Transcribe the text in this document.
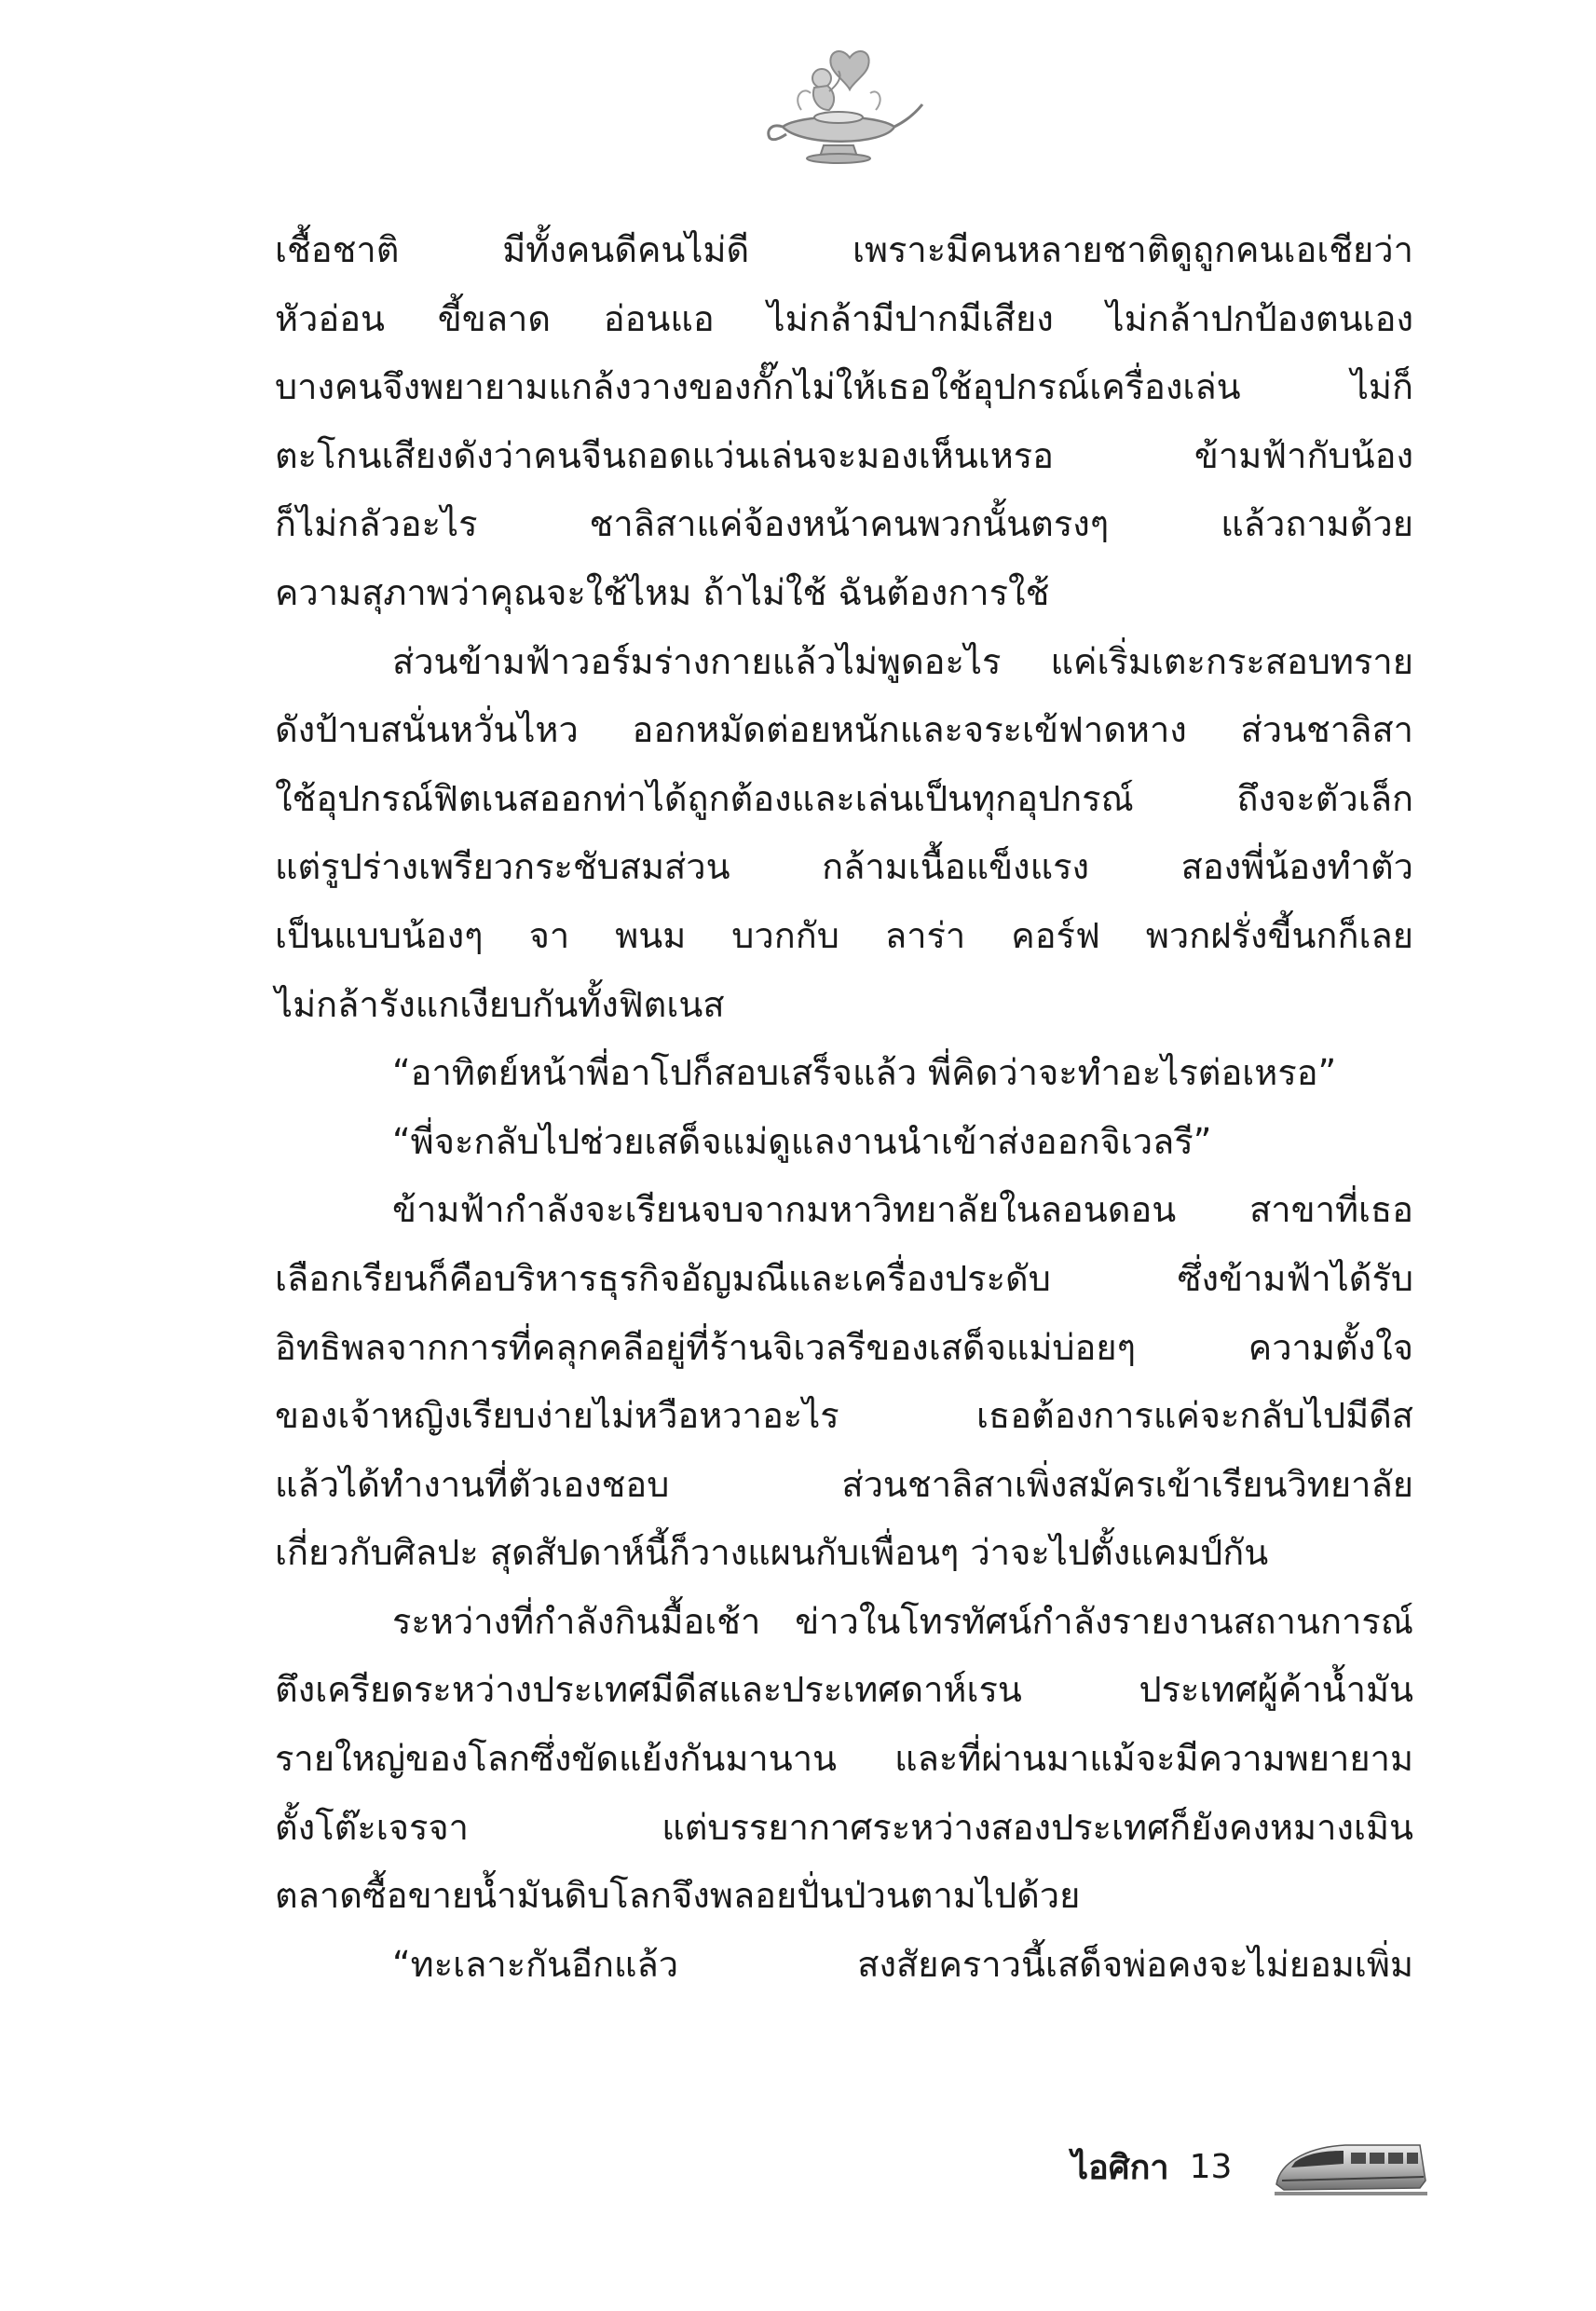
เชื้อชาติ มีทั้งคนดีคนไม่ดี เพราะมีคนหลายชาติดูถูกคนเอเชียว่า

หัวอ่อน ขี้ขลาด อ่อนแอ ไม่กล้ามีปากมีเสียง ไม่กล้าปกป้องตนเอง

บางคนจึงพยายามแกล้งวางของกั๊กไม่ให้เธอใช้อุปกรณ์เครื่องเล่น ไม่ก็

ตะโกนเสียงดังว่าคนจีนถอดแว่นเล่นจะมองเห็นเหรอ ข้ามฟ้ากับน้อง

ก็ไม่กลัวอะไร ชาลิสาแค่จ้องหน้าคนพวกนั้นตรงๆ แล้วถามด้วย

ความสุภาพว่าคุณจะใช้ไหม ถ้าไม่ใช้ ฉันต้องการใช้

ส่วนข้ามฟ้าวอร์มร่างกายแล้วไม่พูดอะไร แค่เริ่มเตะกระสอบทราย

ดังป้าบสนั่นหวั่นไหว ออกหมัดต่อยหนักและจระเข้ฟาดหาง ส่วนชาลิสา

ใช้อุปกรณ์ฟิตเนสออกท่าได้ถูกต้องและเล่นเป็นทุกอุปกรณ์ ถึงจะตัวเล็ก

แต่รูปร่างเพรียวกระชับสมส่วน กล้ามเนื้อแข็งแรง สองพี่น้องทำตัว

เป็นแบบน้องๆ จา พนม บวกกับ ลาร่า คอร์ฟ พวกฝรั่งขี้นกก็เลย

ไม่กล้ารังแกเงียบกันทั้งฟิตเนส

“อาทิตย์หน้าพี่อาโปก็สอบเสร็จแล้ว พี่คิดว่าจะทำอะไรต่อเหรอ”

“พี่จะกลับไปช่วยเสด็จแม่ดูแลงานนำเข้าส่งออกจิเวลรี”

ข้ามฟ้ากำลังจะเรียนจบจากมหาวิทยาลัยในลอนดอน สาขาที่เธอ

เลือกเรียนก็คือบริหารธุรกิจอัญมณีและเครื่องประดับ ซึ่งข้ามฟ้าได้รับ

อิทธิพลจากการที่คลุกคลีอยู่ที่ร้านจิเวลรีของเสด็จแม่บ่อยๆ ความตั้งใจ

ของเจ้าหญิงเรียบง่ายไม่หวือหวาอะไร เธอต้องการแค่จะกลับไปมีดีส

แล้วได้ทำงานที่ตัวเองชอบ ส่วนชาลิสาเพิ่งสมัครเข้าเรียนวิทยาลัย

เกี่ยวกับศิลปะ สุดสัปดาห์นี้ก็วางแผนกับเพื่อนๆ ว่าจะไปตั้งแคมป์กัน

ระหว่างที่กำลังกินมื้อเช้า ข่าวในโทรทัศน์กำลังรายงานสถานการณ์

ตึงเครียดระหว่างประเทศมีดีสและประเทศดาห์เรน ประเทศผู้ค้าน้ำมัน

รายใหญ่ของโลกซึ่งขัดแย้งกันมานาน และที่ผ่านมาแม้จะมีความพยายาม

ตั้งโต๊ะเจรจา แต่บรรยากาศระหว่างสองประเทศก็ยังคงหมางเมิน

ตลาดซื้อขายน้ำมันดิบโลกจึงพลอยปั่นป่วนตามไปด้วย

“ทะเลาะกันอีกแล้ว สงสัยคราวนี้เสด็จพ่อคงจะไม่ยอมเพิ่ม

ไอศิกา 13
